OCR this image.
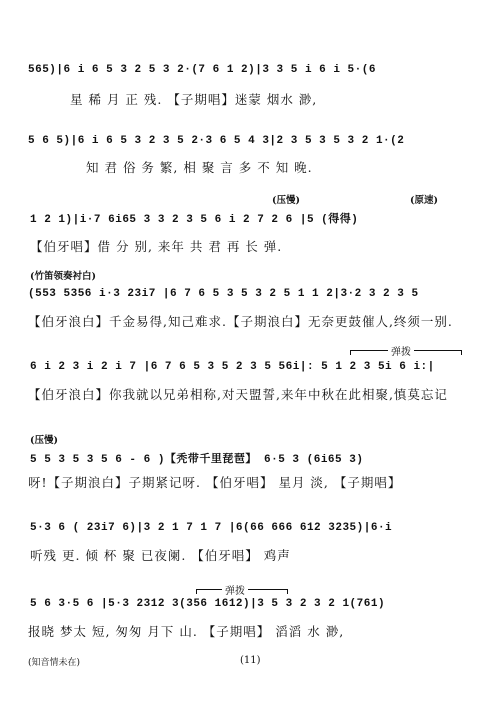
565)|6 i 6 5 3 2 5 3 2·(7 6 1 2)|3 3 5 i 6 i 5·(6
星 稀 月 正 残. 【子期唱】迷蒙 烟水 渺,
5 6 5)|6 i 6 5 3 2 3 5 2·3 6 5 4 3|2 3 5 3 5 3 2 1·(2
知 君 俗 务 繁, 相 聚 言 多 不 知 晚.
(压慢)	(原速)
1 2 1)|i·7 6i65 3 3 2 3 5 6 i 2 7 2 6 |5 (得得)
【伯牙唱】借 分 别, 来年 共 君 再 长 弹.
(竹笛领奏衬白)
(553 5356 i·3 23i7 |6 7 6 5 3 5 3 2 5 1 1 2|3·2 3 2 3 5
【伯牙浪白】千金易得,知己难求.【子期浪白】无奈更鼓催人,终须一别.
弹拨
6 i 2 3 i 2 i 7 |6 7 6 5 3 5 2 3 5 56i|: 5 1 2 3 5i 6 i:|
【伯牙浪白】你我就以兄弟相称,对天盟誓,来年中秋在此相聚,慎莫忘记
(压慢)
5 5 3 5 3 5 6 - 6 )【秃带千里琵琶】 6·5 3 (6i65 3)
呀!【子期浪白】子期紧记呀. 【伯牙唱】 星月 淡, 【子期唱】
5·3 6 ( 23i7 6)|3 2 1 7 1 7 |6(66 666 612 3235)|6·i
听残 更. 倾 杯 聚 已夜阑. 【伯牙唱】 鸡声
弹拨
5 6 3·5 6 |5·3 2312 3(356 1612)|3 5 3 2 3 2 1(761)
报晓 梦太 短, 匆匆 月下 山. 【子期唱】 滔滔 水 渺,
(知音情未在)	(11)
